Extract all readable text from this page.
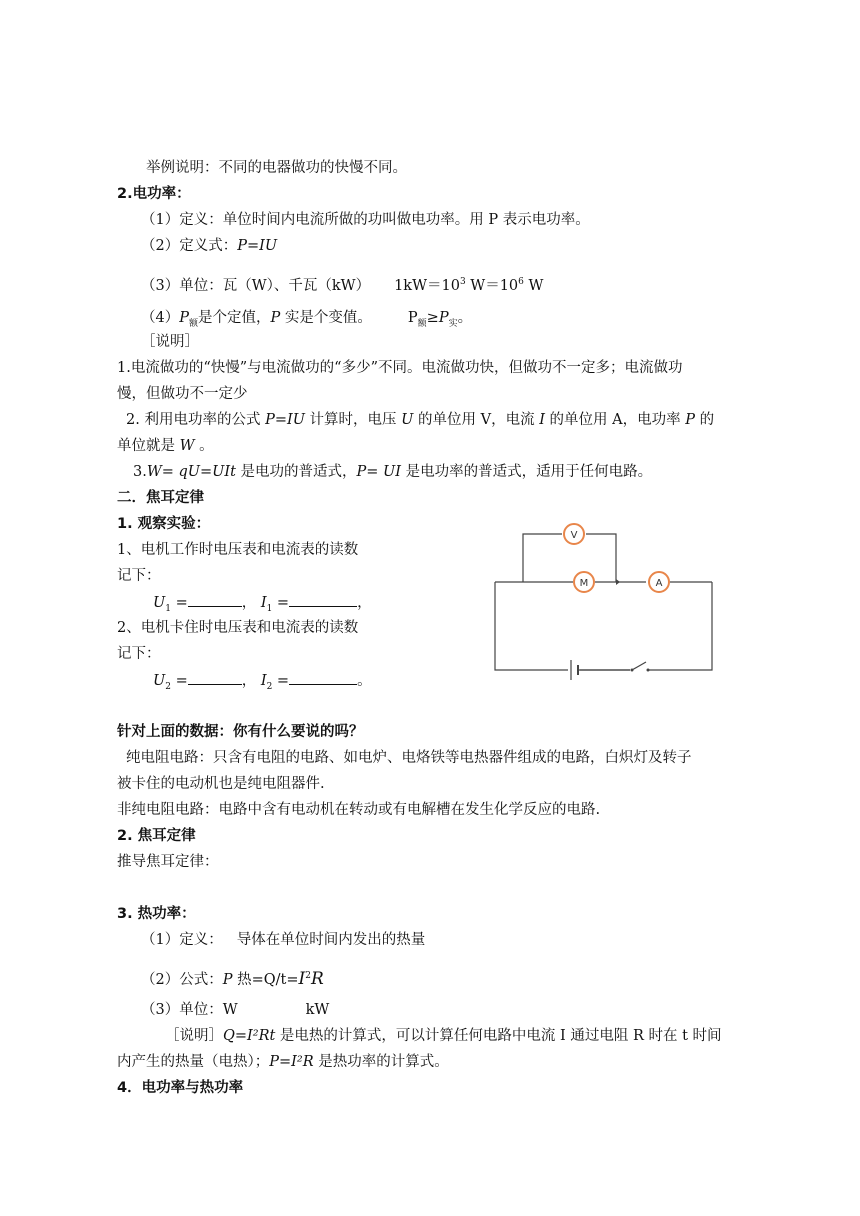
举例说明：不同的电器做功的快慢不同。
2.电功率：
（1）定义：单位时间内电流所做的功叫做电功率。用 P 表示电功率。
（2）定义式：P=IU
（3）单位：瓦（W）、千瓦（kW） $1kW=10^3$ $W=10^6$ W
$(4)P_额$是个定值，P 实是个变值。 $P_额\ge P_实$。
［说明］
1.电流做功的“快慢”与电流做功的“多少”不同。电流做功快，但做功不一定多；电流做功
慢，但做功不一定少
2. 利用电功率的公式 P=IU 计算时，电压 U 的单位用 V，电流 I 的单位用 A，电功率 P 的
单位就是 W 。
3.W= qU=UIt 是电功的普适式，P= UI 是电功率的普适式，适用于任何电路。
二．焦耳定律
1. 观察实验：
1、电机工作时电压表和电流表的读数
记下：
$U_1$ =	， $I_1$ =	，
2、电机卡住时电压表和电流表的读数
记下：
$U_2$ =	， $I_2$ =	。
V
M	A
针对上面的数据：你有什么要说的吗？
纯电阻电路：只含有电阻的电路、如电炉、电烙铁等电热器件组成的电路，白炽灯及转子
被卡住的电动机也是纯电阻器件.
非纯电阻电路：电路中含有电动机在转动或有电解槽在发生化学反应的电路.
2. 焦耳定律
推导焦耳定律：
3. 热功率：
（1）定义： 导体在单位时间内发出的热量
（2）公式：P 热$=Q/t=I^2R$
（3）单位：W	kW
［说明］Q=I²Rt 是电热的计算式，可以计算任何电路中电流 I 通过电阻 R 时在 t 时间
内产生的热量（电热）；P=I²R 是热功率的计算式。
4．电功率与热功率
